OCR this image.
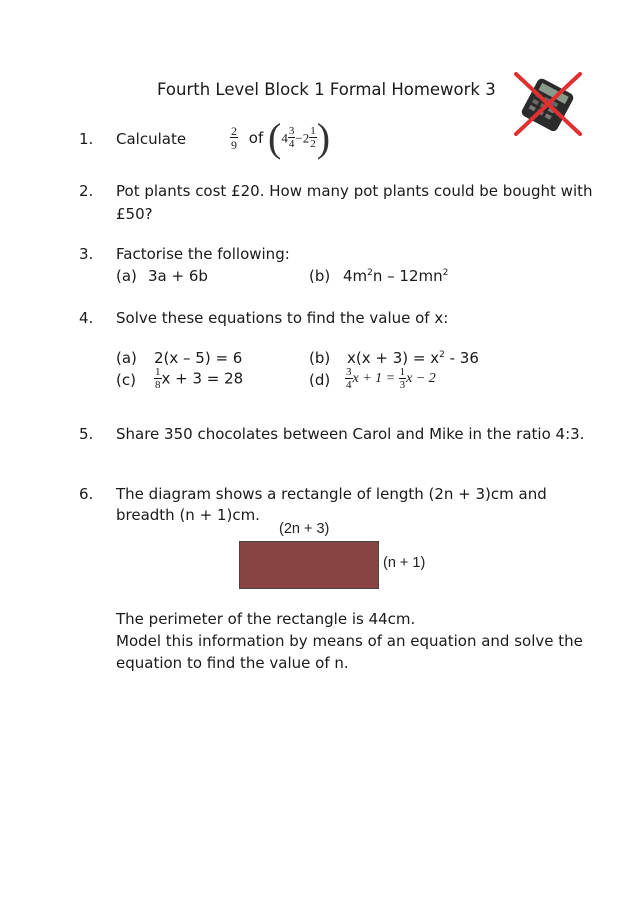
Fourth Level Block 1 Formal Homework 3
1. Calculate	$\frac{2}{9}$ of ($4 \frac{3}{4} -2 \frac{1}{2}$ )
2. Pot plants cost £20. How many pot plants could be bought with
£50?
3. Factorise the following:
(a) 3a + 6b	(b) $4m^2n - 12mn^2$
4. Solve these equations to find the value of x:
(a) 2(x – 5) = 6	(b) $x(x + 3) = x^2 - 36$
$(c) \frac{1}{8}$ x + 3 = 28	$(d) \frac{3}{4}$ $x + 1 = \frac{1}{3}$ x − 2
5. Share 350 chocolates between Carol and Mike in the ratio 4:3.
6. The diagram shows a rectangle of length (2n + 3)cm and
breadth (n + 1)cm.
(2n + 3)
(n + 1)
The perimeter of the rectangle is 44cm.
Model this information by means of an equation and solve the
equation to find the value of n.
